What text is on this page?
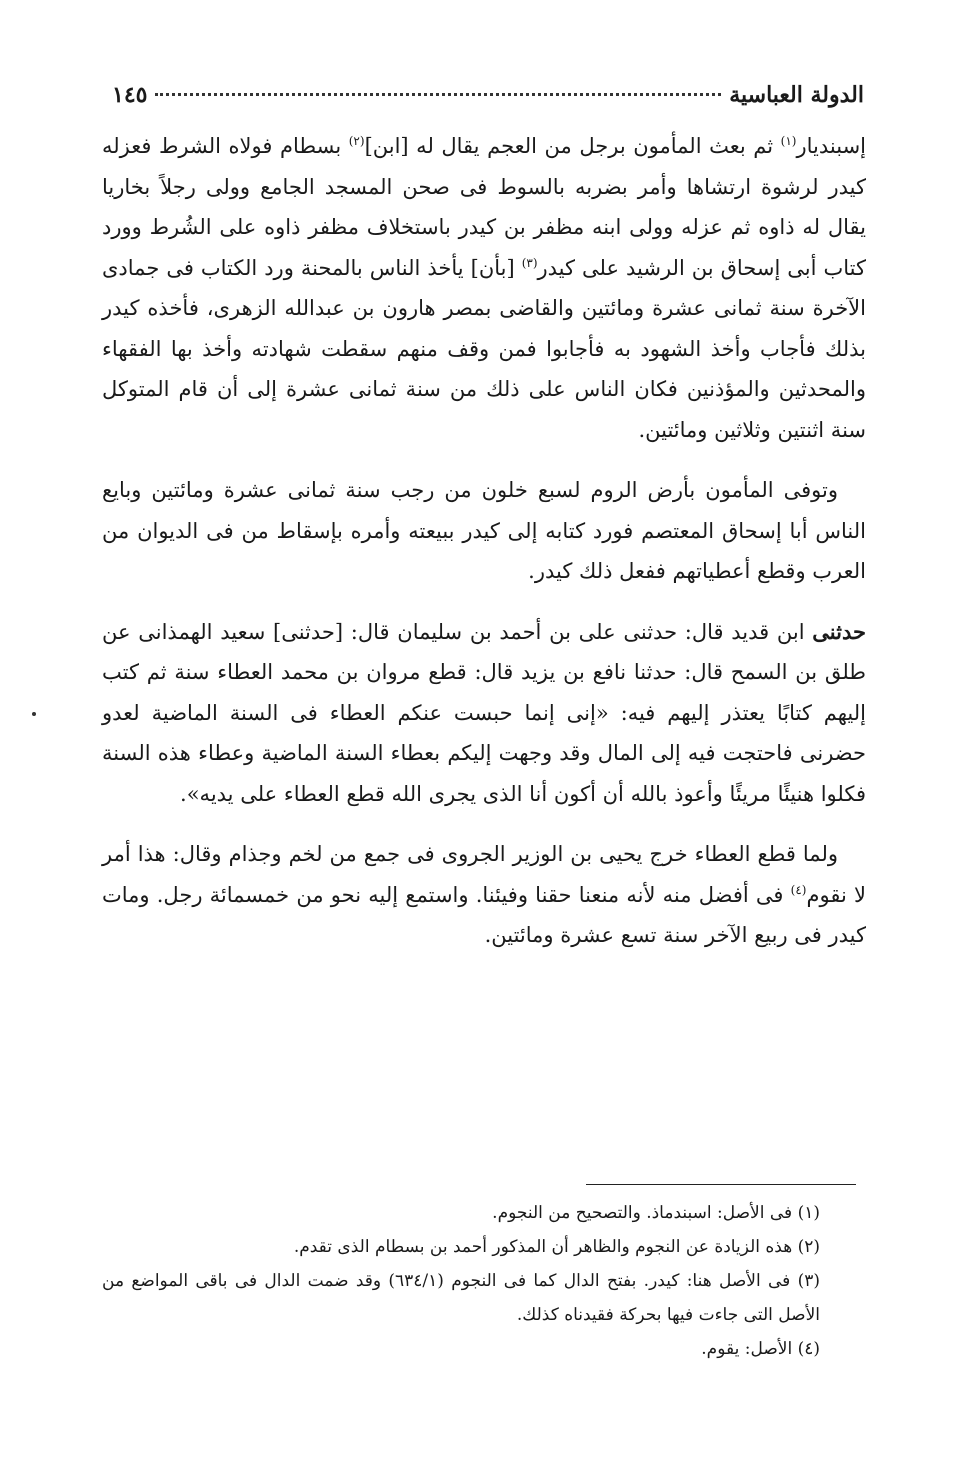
الدولة العباسية
١٤٥

إسبنديار$^{(١)}$ ثم بعث المأمون برجل من العجم يقال له [ابن]$^{(٢)}$ بسطام فولاه الشرط فعزله كيدر لرشوة ارتشاها وأمر بضربه بالسوط فى صحن المسجد الجامع وولى رجلاً بخاريا يقال له ذاوه ثم عزله وولى ابنه مظفر بن كيدر باستخلاف مظفر ذاوه على الشُرط وورد كتاب أبى إسحاق بن الرشيد على كيدر$^{(٣)}$ [بأن] يأخذ الناس بالمحنة ورد الكتاب فى جمادى الآخرة سنة ثمانى عشرة ومائتين والقاضى بمصر هارون بن عبدالله الزهرى، فأخذه كيدر بذلك فأجاب وأخذ الشهود به فأجابوا فمن وقف منهم سقطت شهادته وأخذ بها الفقهاء والمحدثين والمؤذنين فكان الناس على ذلك من سنة ثمانى عشرة إلى أن قام المتوكل سنة اثنتين وثلاثين ومائتين.

وتوفى المأمون بأرض الروم لسبع خلون من رجب سنة ثمانى عشرة ومائتين وبايع الناس أبا إسحاق المعتصم فورد كتابه إلى كيدر ببيعته وأمره بإسقاط من فى الديوان من العرب وقطع أعطياتهم ففعل ذلك كيدر.

حدثنى ابن قديد قال: حدثنى على بن أحمد بن سليمان قال: [حدثنى] سعيد الهمذانى عن طلق بن السمح قال: حدثنا نافع بن يزيد قال: قطع مروان بن محمد العطاء سنة ثم كتب إليهم كتابًا يعتذر إليهم فيه: «إنى إنما حبست عنكم العطاء فى السنة الماضية لعدو حضرنى فاحتجت فيه إلى المال وقد وجهت إليكم بعطاء السنة الماضية وعطاء هذه السنة فكلوا هنيئًا مريئًا وأعوذ بالله أن أكون أنا الذى يجرى الله قطع العطاء على يديه».

ولما قطع العطاء خرج يحيى بن الوزير الجروى فى جمع من لخم وجذام وقال: هذا أمر لا نقوم$^{(٤)}$ فى أفضل منه لأنه منعنا حقنا وفيئنا. واستمع إليه نحو من خمسمائة رجل. ومات كيدر فى ربيع الآخر سنة تسع عشرة ومائتين.

(١) فى الأصل: اسبندماذ. والتصحيح من النجوم.

(٢) هذه الزيادة عن النجوم والظاهر أن المذكور أحمد بن بسطام الذى تقدم.

(٣) فى الأصل هنا: كيدر. بفتح الدال كما فى النجوم (٦٣٤/١) وقد ضمت الدال فى باقى المواضع من الأصل التى جاءت فيها بحركة فقيدناه كذلك.

(٤) الأصل: يقوم.
